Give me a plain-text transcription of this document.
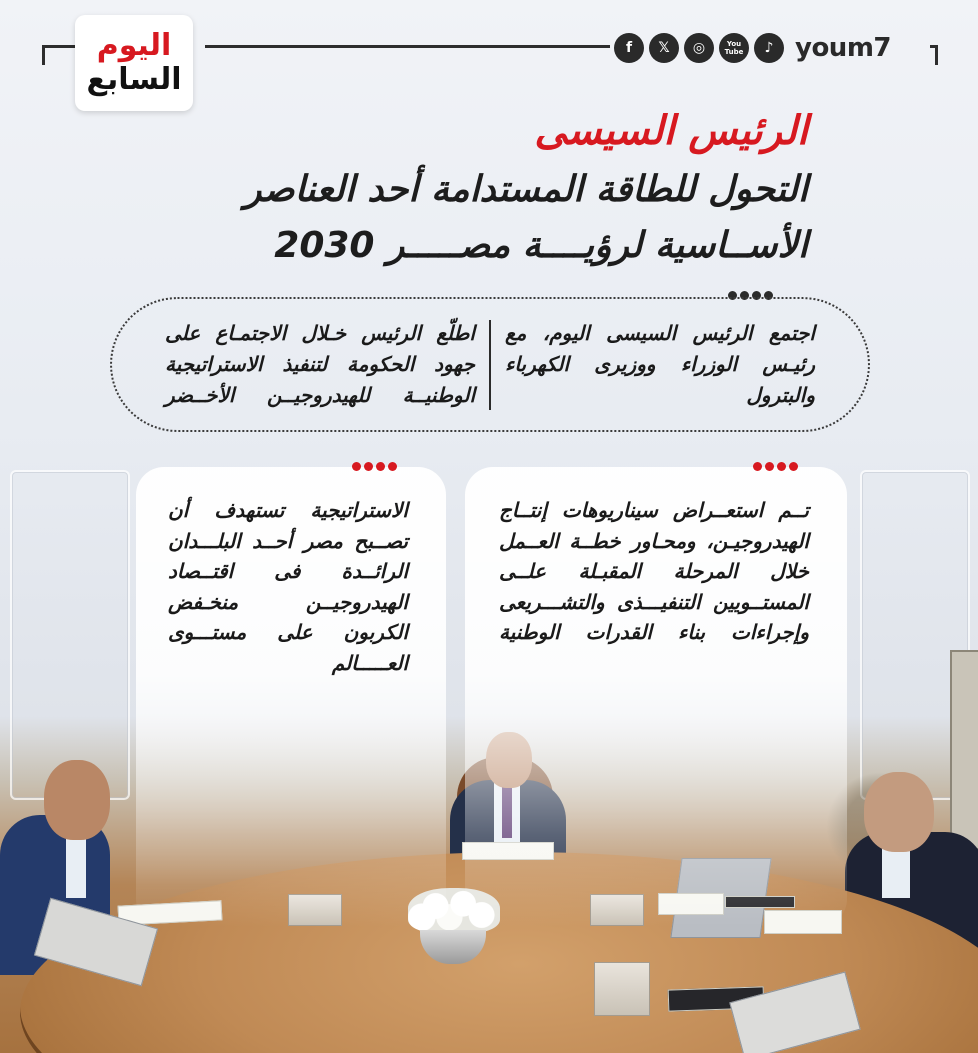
اليوم
السابع
f	𝕏	◎	You Tube	♪ youm7
الرئيس السيسى
التحول للطاقة المستدامة أحد العناصر
الأســاسية لرؤيــــة مصـــــر 2030
اجتمع الرئيس السيسى اليوم، مع رئيـس الوزراء ووزيرى الكهرباء والبترول
اطلّع الرئيس خـلال الاجتمـاع على جهود الحكومة لتنفيذ الاستراتيجية الوطنيــة للهيدروجيــن الأخــضر
تــم استعــراض سيناريوهات إنتــاج الهيدروجيـن، ومحـاور خطــة العــمل خلال المرحلة المقبـلة علــى المستــويين التنفيـــذى والتشـــريعى وإجراءات بناء القدرات الوطنية
الاستراتيجية تستهدف أن تصــبح مصر أحــد البلـــدان الرائــدة فى اقتــصاد الهيدروجيــن منخـفض الكربون على مستـــوى العـــــالم
